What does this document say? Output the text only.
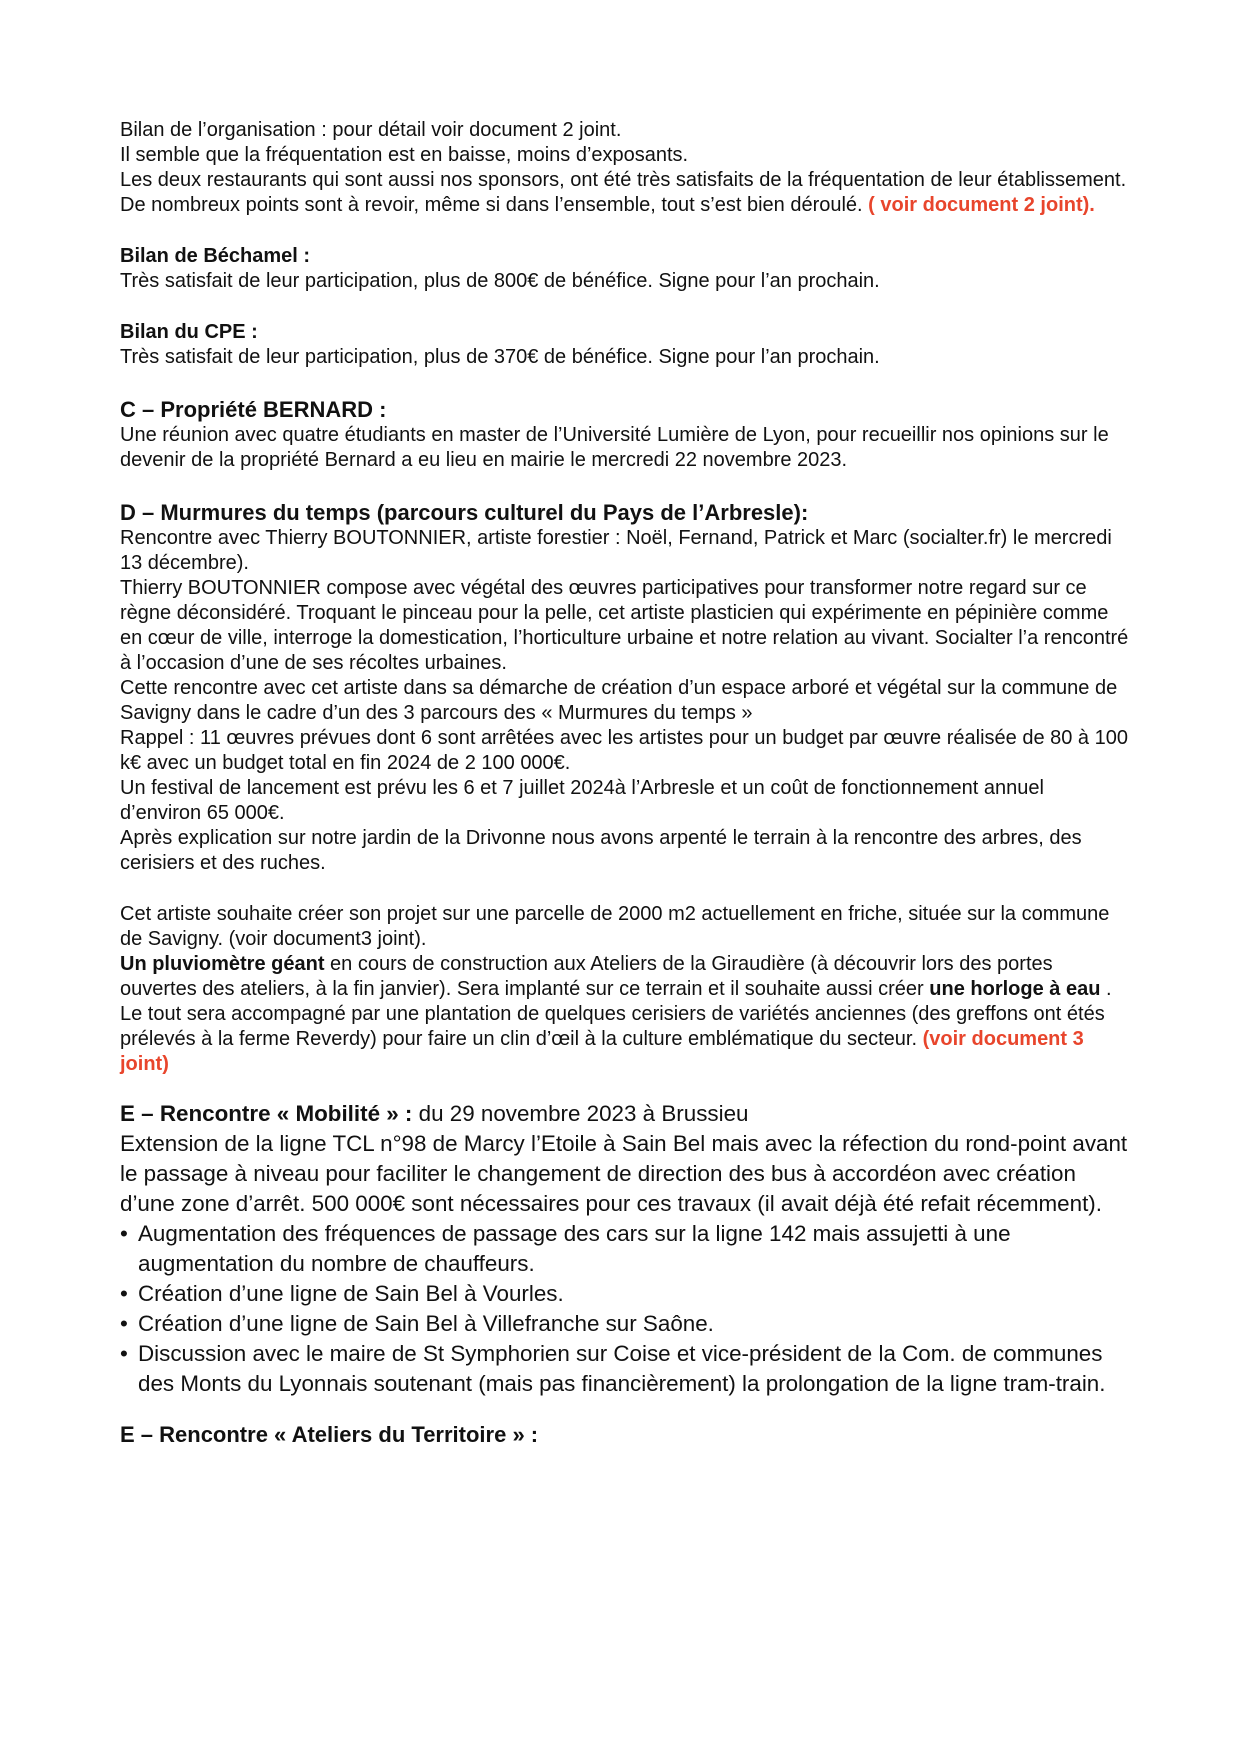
Bilan de l’organisation : pour détail voir document 2 joint.

Il semble que la fréquentation est en baisse, moins d’exposants.

Les deux restaurants qui sont aussi nos sponsors, ont été très satisfaits de la fréquentation de leur établissement.

De nombreux points sont à revoir, même si dans l’ensemble, tout s’est bien déroulé. ( voir document 2 joint).

Bilan de Béchamel :

Très satisfait de leur participation, plus de 800€ de bénéfice. Signe pour l’an prochain.

Bilan du CPE :

Très satisfait de leur participation, plus de 370€ de bénéfice. Signe pour l’an prochain.

C – Propriété BERNARD :

Une réunion avec quatre étudiants en master de l’Université Lumière de Lyon, pour recueillir nos opinions sur le devenir de la propriété Bernard a eu lieu en mairie le mercredi 22 novembre 2023.

D – Murmures du temps (parcours culturel du Pays de l’Arbresle):

Rencontre avec Thierry BOUTONNIER, artiste forestier : Noël, Fernand, Patrick et Marc (socialter.fr) le mercredi 13 décembre).

Thierry BOUTONNIER compose avec végétal des œuvres participatives pour transformer notre regard sur ce règne déconsidéré. Troquant le pinceau pour la pelle, cet artiste plasticien qui expérimente en pépinière comme en cœur de ville, interroge la domestication, l’horticulture urbaine et notre relation au vivant. Socialter l’a rencontré à l’occasion d’une de ses récoltes urbaines.

Cette rencontre avec cet artiste dans sa démarche de création d’un espace arboré et végétal sur la commune de Savigny dans le cadre d’un des 3 parcours des « Murmures du temps »

Rappel : 11 œuvres prévues dont 6 sont arrêtées avec les artistes pour un budget par œuvre réalisée de 80 à 100 k€ avec un budget total en fin 2024 de 2 100 000€.

Un festival de lancement est prévu les 6 et 7 juillet 2024à l’Arbresle et un coût de fonctionnement annuel d’environ 65 000€.

Après explication sur notre jardin de la Drivonne nous avons arpenté le terrain à la rencontre des arbres, des cerisiers et des ruches.

Cet artiste souhaite créer son projet sur une parcelle de 2000 m2 actuellement en friche, située sur la commune de Savigny. (voir document3 joint).

Un pluviomètre géant en cours de construction aux Ateliers de la Giraudière (à découvrir lors des portes ouvertes des ateliers, à la fin janvier). Sera implanté sur ce terrain et il souhaite aussi créer une horloge à eau .

Le tout sera accompagné par une plantation de quelques cerisiers de variétés anciennes (des greffons ont étés prélevés à la ferme Reverdy) pour faire un clin d’œil à la culture emblématique du secteur. (voir document 3 joint)

E – Rencontre « Mobilité » : du 29 novembre 2023 à Brussieu

Extension de la ligne TCL n°98 de Marcy l’Etoile à Sain Bel mais avec la réfection du rond-point avant le passage à niveau pour faciliter le changement de direction des bus à accordéon avec création d’une zone d’arrêt. 500 000€ sont nécessaires pour ces travaux (il avait déjà été refait récemment).

• Augmentation des fréquences de passage des cars sur la ligne 142 mais assujetti à une augmentation du nombre de chauffeurs.
• Création d’une ligne de Sain Bel à Vourles.
• Création d’une ligne de Sain Bel à Villefranche sur Saône.
• Discussion avec le maire de St Symphorien sur Coise et vice-président de la Com. de communes des Monts du Lyonnais soutenant (mais pas financièrement) la prolongation de la ligne tram-train.
E – Rencontre « Ateliers du Territoire » :
